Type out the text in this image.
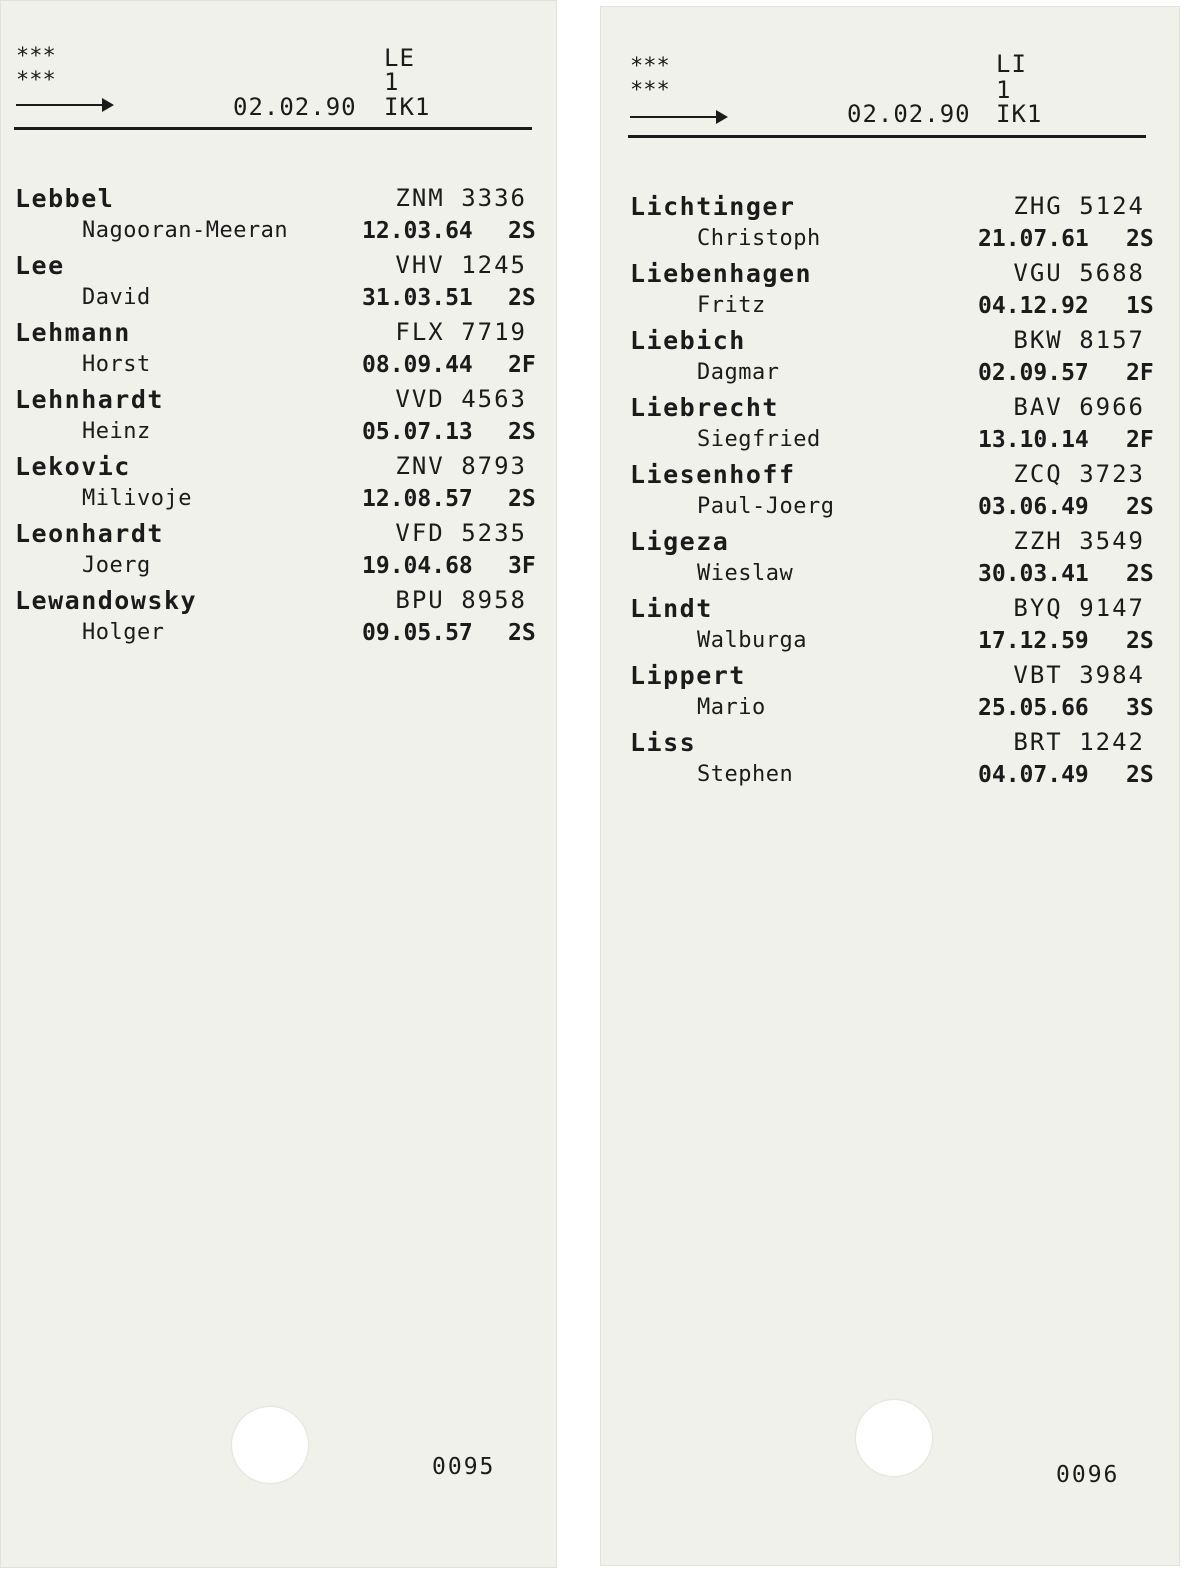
***
***
LE
1
02.02.90 IK1
Lebbel	ZNM 3336
Nagooran-Meeran	12.03.64 2S
Lee	VHV 1245
David	31.03.51 2S
Lehmann	FLX 7719
Horst	08.09.44 2F
Lehnhardt	VVD 4563
Heinz	05.07.13 2S
Lekovic	ZNV 8793
Milivoje	12.08.57 2S
Leonhardt	VFD 5235
Joerg	19.04.68 3F
Lewandowsky	BPU 8958
Holger	09.05.57 2S
0095
***
***
LI
1
02.02.90 IK1
Lichtinger	ZHG 5124
Christoph	21.07.61 2S
Liebenhagen	VGU 5688
Fritz	04.12.92 1S
Liebich	BKW 8157
Dagmar	02.09.57 2F
Liebrecht	BAV 6966
Siegfried	13.10.14 2F
Liesenhoff	ZCQ 3723
Paul-Joerg	03.06.49 2S
Ligeza	ZZH 3549
Wieslaw	30.03.41 2S
Lindt	BYQ 9147
Walburga	17.12.59 2S
Lippert	VBT 3984
Mario	25.05.66 3S
Liss	BRT 1242
Stephen	04.07.49 2S
0096
